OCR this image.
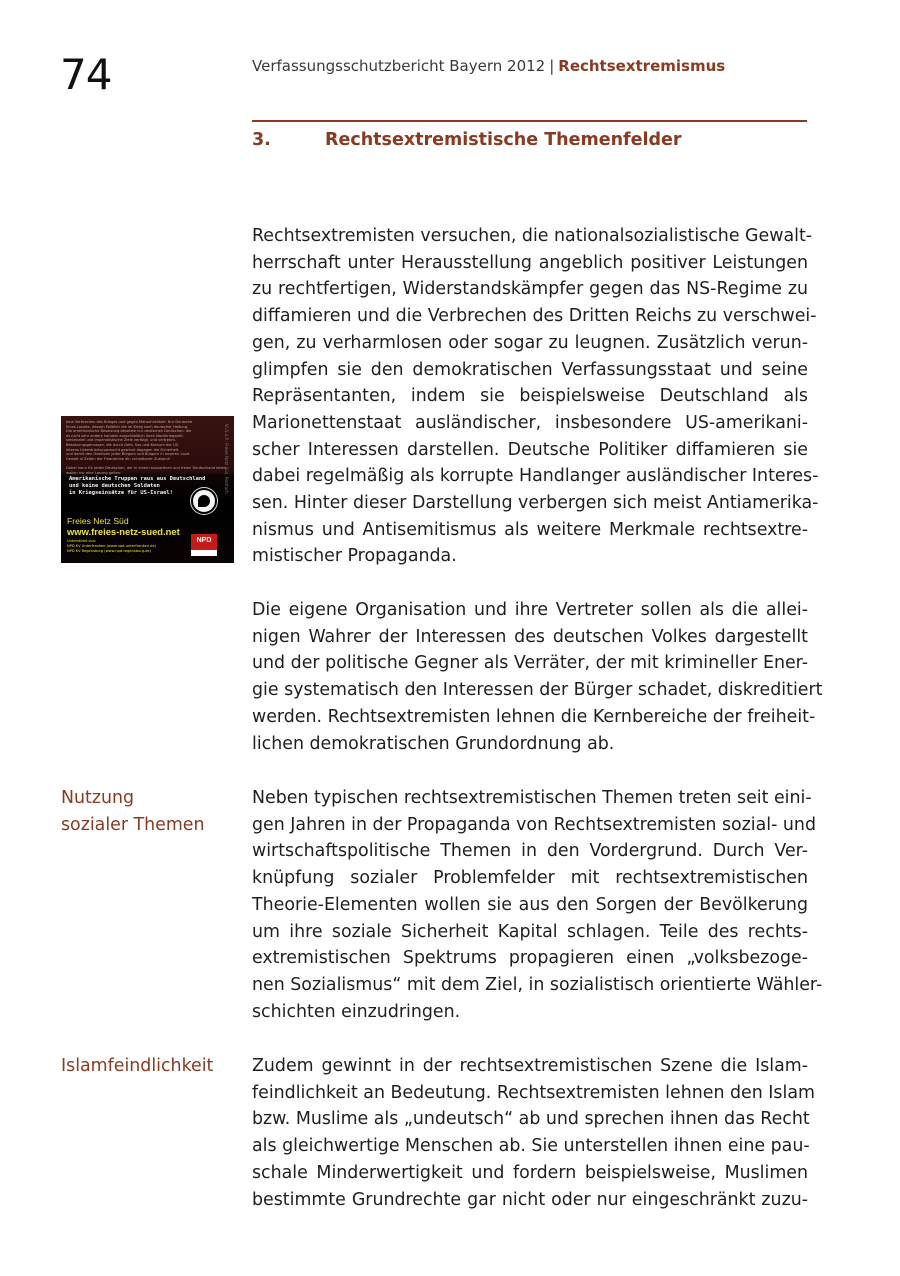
74	Verfassungsschutzbericht Bayern 2012 | Rechtsextremismus
3.	Rechtsextremistische Themenfelder
Rechtsextremisten versuchen, die nationalsozialistische Gewalt-
herrschaft unter Herausstellung angeblich positiver Leistungen
zu rechtfertigen, Widerstandskämpfer gegen das NS-Regime zu
diffamieren und die Verbrechen des Dritten Reichs zu verschwei-
gen, zu verharmlosen oder sogar zu leugnen. Zusätzlich verun-
glimpfen sie den demokratischen Verfassungsstaat und seine
Repräsentanten, indem sie beispielsweise Deutschland als
Marionettenstaat ausländischer, insbesondere US-amerikani-
scher Interessen darstellen. Deutsche Politiker diffamieren sie
dabei regelmäßig als korrupte Handlanger ausländischer Interes-
sen. Hinter dieser Darstellung verbergen sich meist Antiamerika-
nismus und Antisemitismus als weitere Merkmale rechtsextre-
mistischer Propaganda.
Jene Verbrechen des Krieges und gegen Menschlichkeit. Nur Deutsche
Eines Landes, dessen Politiker die im Krieg nach deutscher Haltung.
Die amerikanische Besatzung besetzte nur deutschen Deutschen, die
es nicht sehr anders handeln ausschließlich ihren Nachkriegszeit.
sentenziell und imperialistische Ziele verfolgt, und vertreten.
Besatzungsgenossen, die durch Geld, Sex und Konsum der US.
letzens Unterdrückungsmacht gewinnt dagegen die Sicherheit.
und damit den Gesetzen jeder Bürgers und Bürgern in unseren Land.
Gewalt in Zeiten der Finanzkrise ein unhaltbarer Zustand!

Daher kann für jeden Deutschen, der in einem souveränen und freien Deutschland leben
wollen nur eine Losung gelten:
Amerikanische Truppen raus aus Deutschland
und keine deutschen Soldaten
in Kriegseinsätze für US-Israel!	V.i.S.d.P.: Freies Netz Süd, Postfach
Freies Netz Süd
www.freies-netz-sued.net
Unterstützt von:
NPD KV Unterfranken (www.npd-unterfranken.de)
NPD KV Regensburg (www.npd-regensburg.de)
NPD
Die eigene Organisation und ihre Vertreter sollen als die allei-
nigen Wahrer der Interessen des deutschen Volkes dargestellt
und der politische Gegner als Verräter, der mit krimineller Ener-
gie systematisch den Interessen der Bürger schadet, diskreditiert
werden. Rechtsextremisten lehnen die Kernbereiche der freiheit-
lichen demokratischen Grundordnung ab.
Nutzung
sozialer Themen
Neben typischen rechtsextremistischen Themen treten seit eini-
gen Jahren in der Propaganda von Rechtsextremisten sozial- und
wirtschaftspolitische Themen in den Vordergrund. Durch Ver-
knüpfung sozialer Problemfelder mit rechtsextremistischen
Theorie-Elementen wollen sie aus den Sorgen der Bevölkerung
um ihre soziale Sicherheit Kapital schlagen. Teile des rechts-
extremistischen Spektrums propagieren einen „volksbezoge-
nen Sozialismus“ mit dem Ziel, in sozialistisch orientierte Wähler-
schichten einzudringen.
Islamfeindlichkeit Zudem gewinnt in der rechtsextremistischen Szene die Islam-
feindlichkeit an Bedeutung. Rechtsextremisten lehnen den Islam
bzw. Muslime als „undeutsch“ ab und sprechen ihnen das Recht
als gleichwertige Menschen ab. Sie unterstellen ihnen eine pau-
schale Minderwertigkeit und fordern beispielsweise, Muslimen
bestimmte Grundrechte gar nicht oder nur eingeschränkt zuzu-
